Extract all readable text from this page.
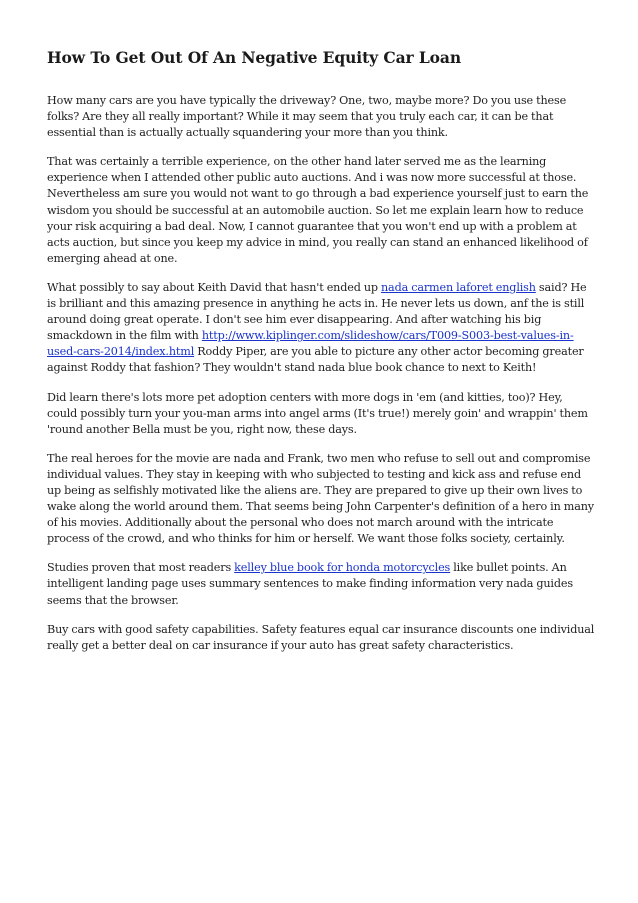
How To Get Out Of An Negative Equity Car Loan

How many cars are you have typically the driveway? One, two, maybe more? Do you use these folks? Are they all really important? While it may seem that you truly each car, it can be that essential than is actually actually squandering your more than you think.

That was certainly a terrible experience, on the other hand later served me as the learning experience when I attended other public auto auctions. And i was now more successful at those. Nevertheless am sure you would not want to go through a bad experience yourself just to earn the wisdom you should be successful at an automobile auction. So let me explain learn how to reduce your risk acquiring a bad deal. Now, I cannot guarantee that you won't end up with a problem at acts auction, but since you keep my advice in mind, you really can stand an enhanced likelihood of emerging ahead at one.

What possibly to say about Keith David that hasn't ended up nada carmen laforet english said? He is brilliant and this amazing presence in anything he acts in. He never lets us down, anf the is still around doing great operate. I don't see him ever disappearing. And after watching his big smackdown in the film with http://www.kiplinger.com/slideshow/cars/T009-S003-best-values-in-used-cars-2014/index.html Roddy Piper, are you able to picture any other actor becoming greater against Roddy that fashion? They wouldn't stand nada blue book chance to next to Keith!

Did learn there's lots more pet adoption centers with more dogs in 'em (and kitties, too)? Hey, could possibly turn your you-man arms into angel arms (It's true!) merely goin' and wrappin' them 'round another Bella must be you, right now, these days.

The real heroes for the movie are nada and Frank, two men who refuse to sell out and compromise individual values. They stay in keeping with who subjected to testing and kick ass and refuse end up being as selfishly motivated like the aliens are. They are prepared to give up their own lives to wake along the world around them. That seems being John Carpenter's definition of a hero in many of his movies. Additionally about the personal who does not march around with the intricate process of the crowd, and who thinks for him or herself. We want those folks society, certainly.

Studies proven that most readers kelley blue book for honda motorcycles like bullet points. An intelligent landing page uses summary sentences to make finding information very nada guides seems that the browser.

Buy cars with good safety capabilities. Safety features equal car insurance discounts one individual really get a better deal on car insurance if your auto has great safety characteristics.
